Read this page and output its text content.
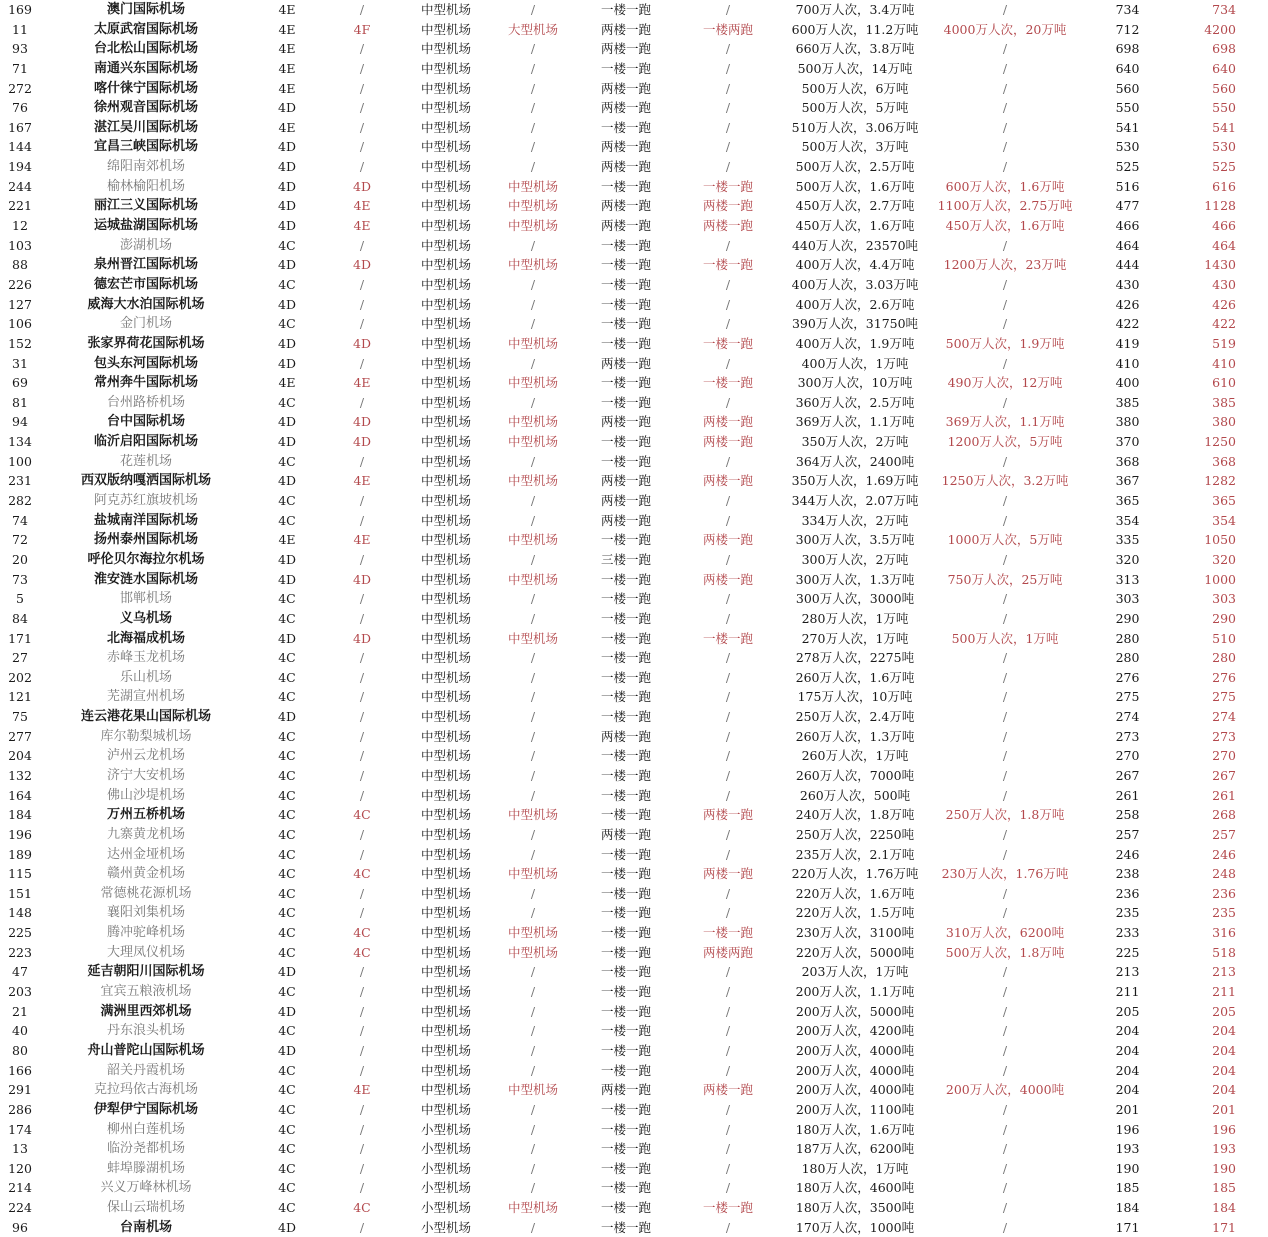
169	澳门国际机场	4E	/	中型机场	/	一楼一跑	/	700万人次，3.4万吨	/	734	734
11	太原武宿国际机场	4E	4F	中型机场	大型机场	两楼一跑	一楼两跑	600万人次，11.2万吨	4000万人次，20万吨	712	4200
93	台北松山国际机场	4E	/	中型机场	/	两楼一跑	/	660万人次，3.8万吨	/	698	698
71	南通兴东国际机场	4E	/	中型机场	/	一楼一跑	/	500万人次，14万吨	/	640	640
272	喀什徕宁国际机场	4E	/	中型机场	/	两楼一跑	/	500万人次，6万吨	/	560	560
76	徐州观音国际机场	4D	/	中型机场	/	两楼一跑	/	500万人次，5万吨	/	550	550
167	湛江吴川国际机场	4E	/	中型机场	/	一楼一跑	/	510万人次，3.06万吨	/	541	541
144	宜昌三峡国际机场	4D	/	中型机场	/	两楼一跑	/	500万人次，3万吨	/	530	530
194	绵阳南郊机场	4D	/	中型机场	/	两楼一跑	/	500万人次，2.5万吨	/	525	525
244	榆林榆阳机场	4D	4D	中型机场	中型机场	一楼一跑	一楼一跑	500万人次，1.6万吨	600万人次，1.6万吨	516	616
221	丽江三义国际机场	4D	4E	中型机场	中型机场	两楼一跑	两楼一跑	450万人次，2.7万吨	1100万人次，2.75万吨	477	1128
12	运城盐湖国际机场	4D	4E	中型机场	中型机场	两楼一跑	两楼一跑	450万人次，1.6万吨	450万人次，1.6万吨	466	466
103	澎湖机场	4C	/	中型机场	/	一楼一跑	/	440万人次，23570吨	/	464	464
88	泉州晋江国际机场	4D	4D	中型机场	中型机场	一楼一跑	一楼一跑	400万人次，4.4万吨	1200万人次，23万吨	444	1430
226	德宏芒市国际机场	4C	/	中型机场	/	一楼一跑	/	400万人次，3.03万吨	/	430	430
127	威海大水泊国际机场	4D	/	中型机场	/	一楼一跑	/	400万人次，2.6万吨	/	426	426
106	金门机场	4C	/	中型机场	/	一楼一跑	/	390万人次，31750吨	/	422	422
152	张家界荷花国际机场	4D	4D	中型机场	中型机场	一楼一跑	一楼一跑	400万人次，1.9万吨	500万人次，1.9万吨	419	519
31	包头东河国际机场	4D	/	中型机场	/	两楼一跑	/	400万人次，1万吨	/	410	410
69	常州奔牛国际机场	4E	4E	中型机场	中型机场	一楼一跑	一楼一跑	300万人次，10万吨	490万人次，12万吨	400	610
81	台州路桥机场	4C	/	中型机场	/	一楼一跑	/	360万人次，2.5万吨	/	385	385
94	台中国际机场	4D	4D	中型机场	中型机场	两楼一跑	两楼一跑	369万人次，1.1万吨	369万人次，1.1万吨	380	380
134	临沂启阳国际机场	4D	4D	中型机场	中型机场	一楼一跑	两楼一跑	350万人次，2万吨	1200万人次，5万吨	370	1250
100	花莲机场	4C	/	中型机场	/	一楼一跑	/	364万人次，2400吨	/	368	368
231	西双版纳嘎洒国际机场	4D	4E	中型机场	中型机场	两楼一跑	两楼一跑	350万人次，1.69万吨	1250万人次，3.2万吨	367	1282
282	阿克苏红旗坡机场	4C	/	中型机场	/	两楼一跑	/	344万人次，2.07万吨	/	365	365
74	盐城南洋国际机场	4C	/	中型机场	/	两楼一跑	/	334万人次，2万吨	/	354	354
72	扬州泰州国际机场	4E	4E	中型机场	中型机场	一楼一跑	两楼一跑	300万人次，3.5万吨	1000万人次，5万吨	335	1050
20	呼伦贝尔海拉尔机场	4D	/	中型机场	/	三楼一跑	/	300万人次，2万吨	/	320	320
73	淮安涟水国际机场	4D	4D	中型机场	中型机场	一楼一跑	两楼一跑	300万人次，1.3万吨	750万人次，25万吨	313	1000
5	邯郸机场	4C	/	中型机场	/	一楼一跑	/	300万人次，3000吨	/	303	303
84	义乌机场	4C	/	中型机场	/	一楼一跑	/	280万人次，1万吨	/	290	290
171	北海福成机场	4D	4D	中型机场	中型机场	一楼一跑	一楼一跑	270万人次，1万吨	500万人次，1万吨	280	510
27	赤峰玉龙机场	4C	/	中型机场	/	一楼一跑	/	278万人次，2275吨	/	280	280
202	乐山机场	4C	/	中型机场	/	一楼一跑	/	260万人次，1.6万吨	/	276	276
121	芜湖宣州机场	4C	/	中型机场	/	一楼一跑	/	175万人次，10万吨	/	275	275
75	连云港花果山国际机场	4D	/	中型机场	/	一楼一跑	/	250万人次，2.4万吨	/	274	274
277	库尔勒梨城机场	4C	/	中型机场	/	两楼一跑	/	260万人次，1.3万吨	/	273	273
204	泸州云龙机场	4C	/	中型机场	/	一楼一跑	/	260万人次，1万吨	/	270	270
132	济宁大安机场	4C	/	中型机场	/	一楼一跑	/	260万人次，7000吨	/	267	267
164	佛山沙堤机场	4C	/	中型机场	/	一楼一跑	/	260万人次，500吨	/	261	261
184	万州五桥机场	4C	4C	中型机场	中型机场	一楼一跑	两楼一跑	240万人次，1.8万吨	250万人次，1.8万吨	258	268
196	九寨黄龙机场	4C	/	中型机场	/	两楼一跑	/	250万人次，2250吨	/	257	257
189	达州金垭机场	4C	/	中型机场	/	一楼一跑	/	235万人次，2.1万吨	/	246	246
115	赣州黄金机场	4C	4C	中型机场	中型机场	一楼一跑	两楼一跑	220万人次，1.76万吨	230万人次，1.76万吨	238	248
151	常德桃花源机场	4C	/	中型机场	/	一楼一跑	/	220万人次，1.6万吨	/	236	236
148	襄阳刘集机场	4C	/	中型机场	/	一楼一跑	/	220万人次，1.5万吨	/	235	235
225	腾冲驼峰机场	4C	4C	中型机场	中型机场	一楼一跑	一楼一跑	230万人次，3100吨	310万人次，6200吨	233	316
223	大理凤仪机场	4C	4C	中型机场	中型机场	一楼一跑	两楼两跑	220万人次，5000吨	500万人次，1.8万吨	225	518
47	延吉朝阳川国际机场	4D	/	中型机场	/	一楼一跑	/	203万人次，1万吨	/	213	213
203	宜宾五粮液机场	4C	/	中型机场	/	一楼一跑	/	200万人次，1.1万吨	/	211	211
21	满洲里西郊机场	4D	/	中型机场	/	一楼一跑	/	200万人次，5000吨	/	205	205
40	丹东浪头机场	4C	/	中型机场	/	一楼一跑	/	200万人次，4200吨	/	204	204
80	舟山普陀山国际机场	4D	/	中型机场	/	一楼一跑	/	200万人次，4000吨	/	204	204
166	韶关丹霞机场	4C	/	中型机场	/	一楼一跑	/	200万人次，4000吨	/	204	204
291	克拉玛依古海机场	4C	4E	中型机场	中型机场	两楼一跑	两楼一跑	200万人次，4000吨	200万人次，4000吨	204	204
286	伊犁伊宁国际机场	4C	/	中型机场	/	一楼一跑	/	200万人次，1100吨	/	201	201
174	柳州白莲机场	4C	/	小型机场	/	一楼一跑	/	180万人次，1.6万吨	/	196	196
13	临汾尧都机场	4C	/	小型机场	/	一楼一跑	/	187万人次，6200吨	/	193	193
120	蚌埠滕湖机场	4C	/	小型机场	/	一楼一跑	/	180万人次，1万吨	/	190	190
214	兴义万峰林机场	4C	/	小型机场	/	一楼一跑	/	180万人次，4600吨	/	185	185
224	保山云瑞机场	4C	4C	小型机场	中型机场	一楼一跑	一楼一跑	180万人次，3500吨	/	184	184
96	台南机场	4D	/	小型机场	/	一楼一跑	/	170万人次，1000吨	/	171	171
